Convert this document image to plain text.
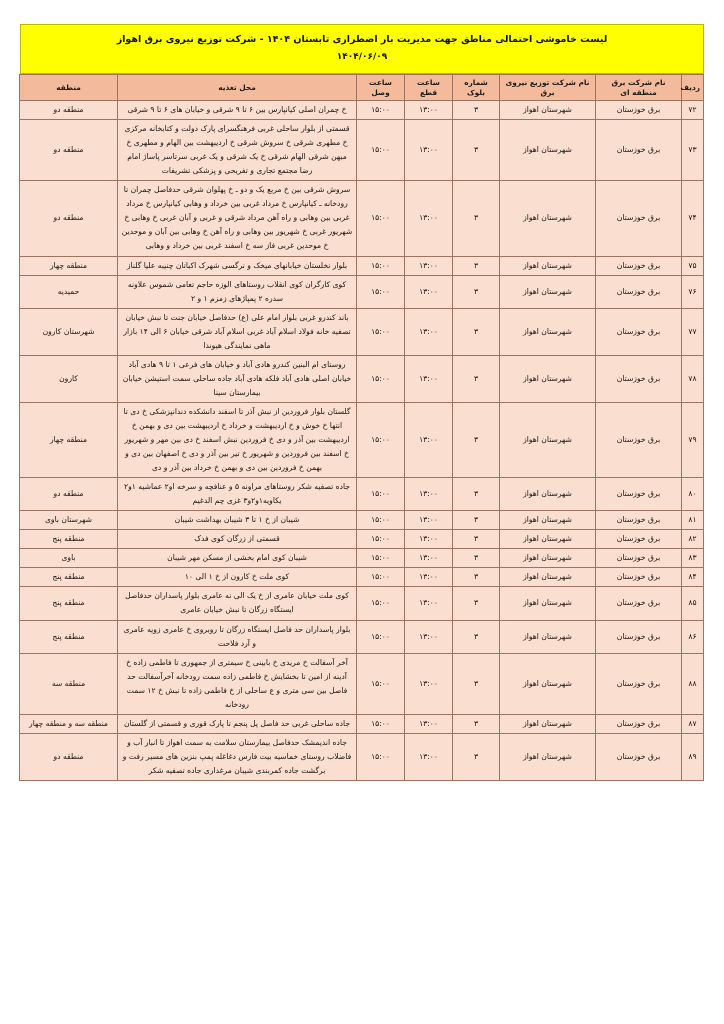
لیست خاموشی احتمالی مناطق جهت مدیریت بار اضطراری تابستان ۱۴۰۴ - شرکت توزیع نیروی برق اهواز
۱۴۰۴/۰۶/۰۹
ردیف	نام شرکت برق منطقه ای	نام شرکت توزیع نیروی برق	شماره بلوک	ساعت قطع	ساعت وصل	محل تغذیه	منطقه
۷۲	برق خوزستان	شهرستان اهواز	۳	۱۳:۰۰	۱۵:۰۰	خ چمران اصلی کیانپارس بین ۶ تا ۹ شرقی و خیابان های ۶ تا ۹ شرقی	منطقه دو
۷۳	برق خوزستان	شهرستان اهواز	۳	۱۳:۰۰	۱۵:۰۰	قسمتی از بلوار ساحلی غربی فرهنگسرای پارک دولت و کتابخانه مرکزی خ مطهری شرقی خ سروش شرقی خ اردیبهشت بین الهام و مطهری خ میهن شرقی الهام شرقی خ یک شرقی و یک غربی سرتاسر پاساژ امام رضا مجتمع تجاری و تفریحی و پزشکی تشریفات	منطقه دو
۷۴	برق خوزستان	شهرستان اهواز	۳	۱۳:۰۰	۱۵:۰۰	سروش شرقی بین خ مربع یک و دو ـ خ پهلوان شرقی حدفاصل چمران تا رودخانه ـ کیانپارس خ مرداد غربی بین خرداد و وهابی کیانپارس خ مرداد غربی بین وهابی و راه آهن مرداد شرقی و غربی و آبان غربی خ وهابی خ شهریور غربی خ شهریور بین وهابی و راه آهن خ وهابی بین آبان و موحدین خ موحدین غربی فاز سه خ اسفند غربی بین خرداد و وهابی	منطقه دو
۷۵	برق خوزستان	شهرستان اهواز	۳	۱۳:۰۰	۱۵:۰۰	بلوار نخلستان خیابانهای میخک و نرگسی شهرک اکباتان چنیبه علیا گلناز	منطقه چهار
۷۶	برق خوزستان	شهرستان اهواز	۳	۱۳:۰۰	۱۵:۰۰	کوی کارگران کوی انقلاب روستاهای الوزه حاجم تعامی شموس علاونه سدره ۲ پمپاژهای زمزم ۱ و ۲	حمیدیه
۷۷	برق خوزستان	شهرستان اهواز	۳	۱۳:۰۰	۱۵:۰۰	باند کندرو غربی بلوار امام علی (ع) حدفاصل خیابان جنت تا نبش خیابان تصفیه خانه فولاد اسلام آباد غربی اسلام آباد شرقی خیابان ۶ الی ۱۴ بازار ماهی نمایندگی هیوندا	شهرستان کارون
۷۸	برق خوزستان	شهرستان اهواز	۳	۱۳:۰۰	۱۵:۰۰	روستای ام البنین کندرو هادی آباد و خیابان های فرعی ۱ تا ۹ هادی آباد خیابان اصلی هادی آباد فلکه هادی آباد جاده ساحلی سمت استیشن خیابان بیمارستان سینا	کارون
۷۹	برق خوزستان	شهرستان اهواز	۳	۱۳:۰۰	۱۵:۰۰	گلستان بلوار فروردین از نبش آذر تا اسفند دانشکده دندانپزشکی خ دی تا انتها خ خوش و خ اردیبهشت و خرداد خ اردیبهشت بین دی و بهمن خ اردیبهشت بین آذر و دی خ فروردین نبش اسفند خ دی بین مهر و شهریور خ اسفند بین فروردین و شهریور خ تیر بین آذر و دی خ اصفهان بین دی و بهمن خ فروردین بین دی و بهمن خ خرداد بین آذر و دی	منطقه چهار
۸۰	برق خوزستان	شهرستان اهواز	۳	۱۳:۰۰	۱۵:۰۰	جاده تصفیه شکر روستاهای مراونه ۵ و عنافچه و سرخه او۲ عماشیه ۱و۲ یکاویه۱و۲و۳ غزی چم الدغیم	منطقه دو
۸۱	برق خوزستان	شهرستان اهواز	۳	۱۳:۰۰	۱۵:۰۰	شیبان از خ ۱ تا ۳ شیبان بهداشت شیبان	شهرستان باوی
۸۲	برق خوزستان	شهرستان اهواز	۳	۱۳:۰۰	۱۵:۰۰	قسمتی از زرگان کوی فدک	منطقه پنج
۸۳	برق خوزستان	شهرستان اهواز	۳	۱۳:۰۰	۱۵:۰۰	شیبان کوی امام بخشی از مسکن مهر شیبان	باوی
۸۴	برق خوزستان	شهرستان اهواز	۳	۱۳:۰۰	۱۵:۰۰	کوی ملت خ کارون از خ ۱ الی ۱۰	منطقه پنج
۸۵	برق خوزستان	شهرستان اهواز	۳	۱۳:۰۰	۱۵:۰۰	کوی ملت خیابان عامری از خ یک الی نه عامری بلوار پاسداران حدفاصل ایستگاه زرگان تا نبش خیابان عامری	منطقه پنج
۸۶	برق خوزستان	شهرستان اهواز	۳	۱۳:۰۰	۱۵:۰۰	بلوار پاسداران حد فاصل ایستگاه زرگان تا روبروی خ عامری زویه عامری و آرد فلاحت	منطقه پنج
۸۸	برق خوزستان	شهرستان اهواز	۳	۱۳:۰۰	۱۵:۰۰	آخر آسفالت خ مریدی خ بابینی خ سیمتری از جمهوری تا فاطمی زاده خ آدینه از امین تا بخشایش خ فاطمی زاده سمت رودخانه آخرآسفالت حد فاصل بین سی متری و ع ساحلی از خ فاطمی زاده تا نبش خ ۱۲ سمت رودخانه	منطقه سه
۸۷	برق خوزستان	شهرستان اهواز	۳	۱۳:۰۰	۱۵:۰۰	جاده ساحلی غربی حد فاصل پل پنجم تا پارک قوری و قسمتی از گلستان	منطقه سه و منطقه چهار
۸۹	برق خوزستان	شهرستان اهواز	۳	۱۳:۰۰	۱۵:۰۰	جاده اندیمشک حدفاصل بیمارستان سلامت به سمت اهواز تا انبار آب و فاضلاب روستای خماسیه بیت فارس دغاغله پمپ بنزین های مسیر رفت و برگشت جاده کمربندی شیبان مرغداری جاده تصفیه شکر	منطقه دو
